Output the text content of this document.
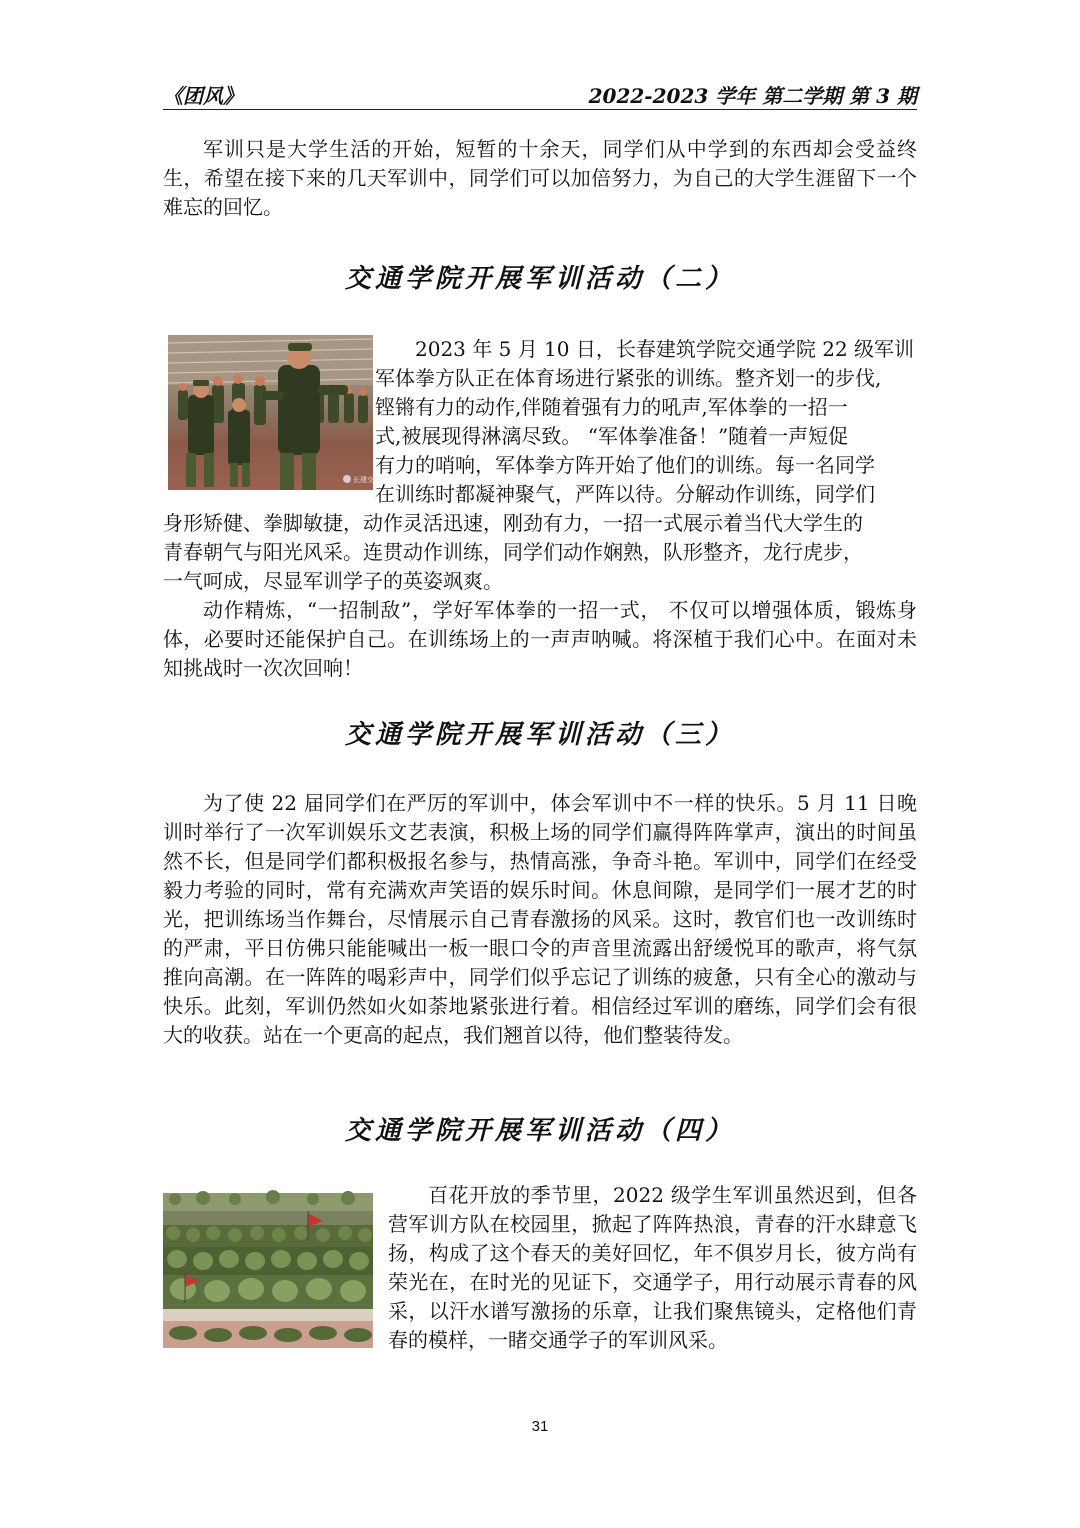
《团风》	2022-2023 学年 第二学期 第 3 期

军训只是大学生活的开始，短暂的十余天，同学们从中学到的东西却会受益终生，希望在接下来的几天军训中，同学们可以加倍努力，为自己的大学生涯留下一个难忘的回忆。

交通学院开展军训活动（二）
长建交通
2023 年 5 月 10 日，长春建筑学院交通学院 22 级军训
军体拳方队正在体育场进行紧张的训练。整齐划一的步伐,
铿锵有力的动作,伴随着强有力的吼声,军体拳的一招一
式,被展现得淋漓尽致。 “军体拳准备！”随着一声短促
有力的哨响，军体拳方阵开始了他们的训练。每一名同学
在训练时都凝神聚气，严阵以待。分解动作训练，同学们
身形矫健、拳脚敏捷，动作灵活迅速，刚劲有力，一招一式展示着当代大学生的
青春朝气与阳光风采。连贯动作训练，同学们动作娴熟，队形整齐，龙行虎步，
一气呵成，尽显军训学子的英姿飒爽。

动作精炼，“一招制敌”，学好军体拳的一招一式， 不仅可以增强体质，锻炼身体，必要时还能保护自己。在训练场上的一声声呐喊。将深植于我们心中。在面对未知挑战时一次次回响！

交通学院开展军训活动（三）

为了使 22 届同学们在严厉的军训中，体会军训中不一样的快乐。5 月 11 日晚训时举行了一次军训娱乐文艺表演，积极上场的同学们赢得阵阵掌声，演出的时间虽然不长，但是同学们都积极报名参与，热情高涨，争奇斗艳。军训中，同学们在经受毅力考验的同时，常有充满欢声笑语的娱乐时间。休息间隙，是同学们一展才艺的时光，把训练场当作舞台，尽情展示自己青春激扬的风采。这时，教官们也一改训练时的严肃，平日仿佛只能能喊出一板一眼口令的声音里流露出舒缓悦耳的歌声，将气氛推向高潮。在一阵阵的喝彩声中，同学们似乎忘记了训练的疲惫，只有全心的激动与快乐。此刻，军训仍然如火如荼地紧张进行着。相信经过军训的磨练，同学们会有很大的收获。站在一个更高的起点，我们翘首以待，他们整装待发。

交通学院开展军训活动（四）

百花开放的季节里，2022 级学生军训虽然迟到，但各营军训方队在校园里，掀起了阵阵热浪，青春的汗水肆意飞扬，构成了这个春天的美好回忆，年不俱岁月长，彼方尚有荣光在，在时光的见证下，交通学子，用行动展示青春的风采，以汗水谱写激扬的乐章，让我们聚焦镜头，定格他们青春的模样，一睹交通学子的军训风采。

31
